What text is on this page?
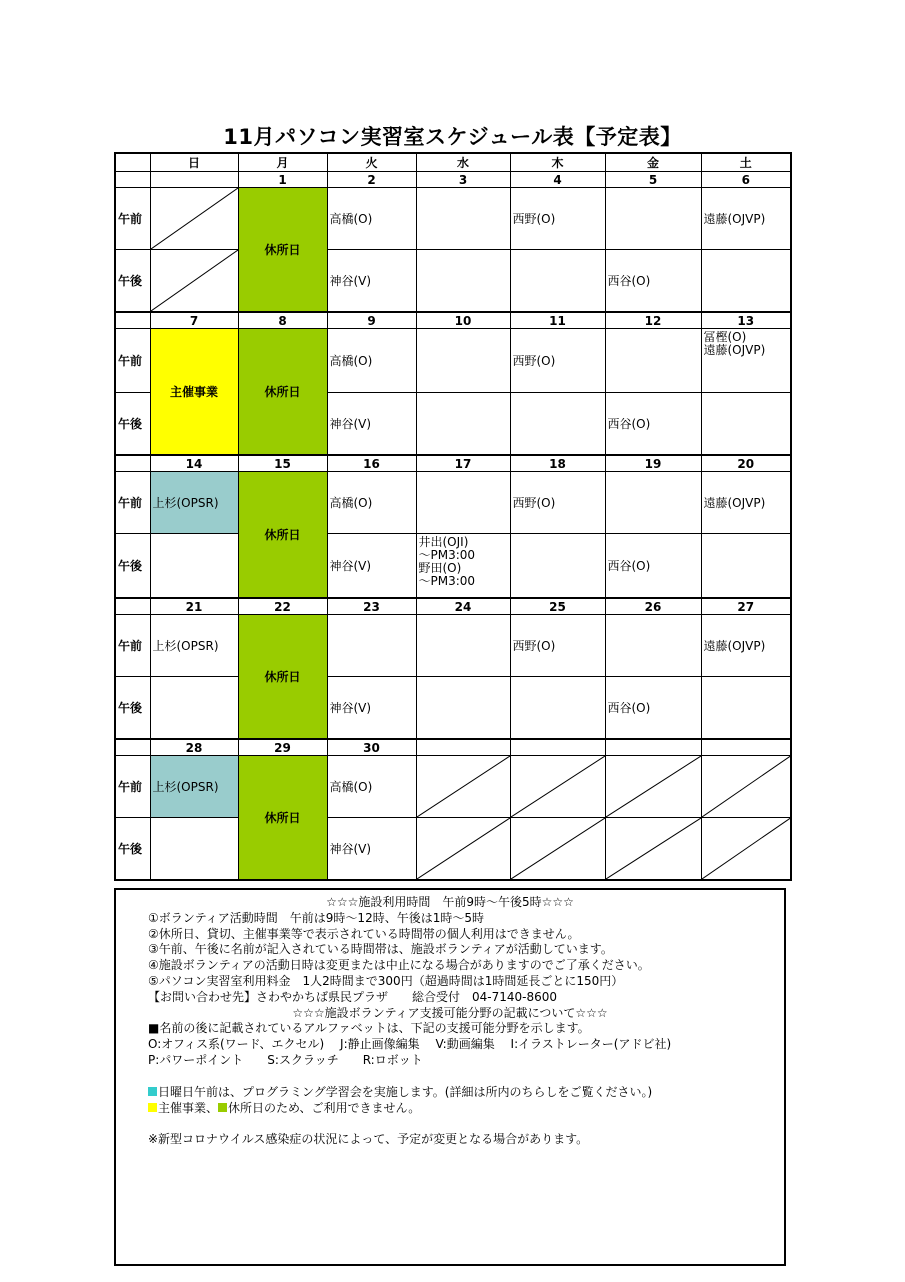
11月パソコン実習室スケジュール表【予定表】
	日	月	火	水	木	金	土
		1	2	3	4	5	6
午前		休所日	高橋(O)		西野(O)		遠藤(OJVP)
午後			神谷(V)			西谷(O)	
	7	8	9	10	11	12	13
午前	主催事業	休所日	高橋(O)		西野(O)		冨樫(O)
遠藤(OJVP)
午後			神谷(V)			西谷(O)	
	14	15	16	17	18	19	20
午前	上杉(OPSR)	休所日	高橋(O)		西野(O)		遠藤(OJVP)
午後			神谷(V)	井出(OJI)
～PM3:00
野田(O)
～PM3:00		西谷(O)	
	21	22	23	24	25	26	27
午前	上杉(OPSR)	休所日			西野(O)		遠藤(OJVP)
午後			神谷(V)			西谷(O)	
	28	29	30				
午前	上杉(OPSR)	休所日	高橋(O)	

午後			神谷(V)	

☆☆☆施設利用時間　午前9時～午後5時☆☆☆
①ボランティア活動時間　午前は9時～12時、午後は1時～5時
②休所日、貸切、主催事業等で表示されている時間帯の個人利用はできません。
③午前、午後に名前が記入されている時間帯は、施設ボランティアが活動しています。
④施設ボランティアの活動日時は変更または中止になる場合がありますのでご了承ください。
⑤パソコン実習室利用料金　1人2時間まで300円（超過時間は1時間延長ごとに150円）
【お問い合わせ先】さわやかちば県民プラザ　　総合受付　04-7140-8600
☆☆☆施設ボランティア支援可能分野の記載について☆☆☆
■名前の後に記載されているアルファベットは、下記の支援可能分野を示します。
O:オフィス系(ワード、エクセル)　 J:静止画像編集　 V:動画編集　 I:イラストレーター(アドビ社)
P:パワーポイント　　S:スクラッチ　　R:ロボット
日曜日午前は、プログラミング学習会を実施します。(詳細は所内のちらしをご覧ください。)
主催事業、 休所日のため、ご利用できません。
※新型コロナウイルス感染症の状況によって、予定が変更となる場合があります。
